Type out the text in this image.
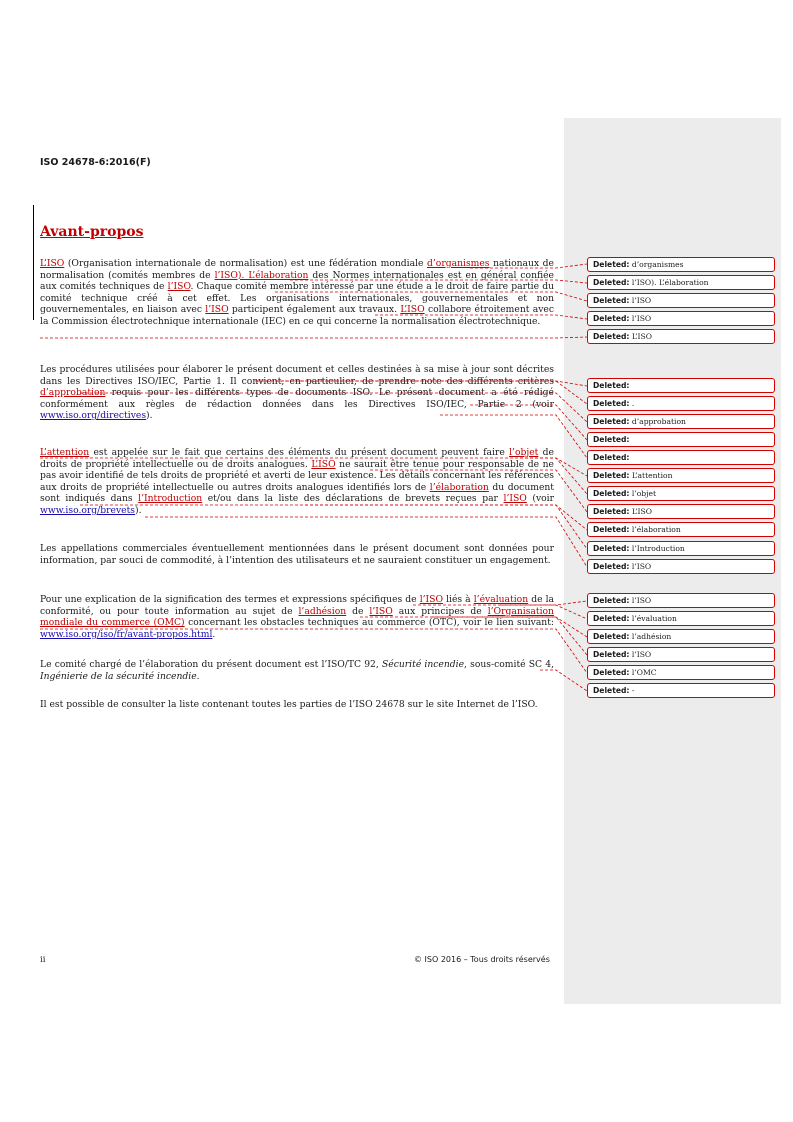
ISO 24678-6:2016(F)
Avant-propos

L’ISO (Organisation internationale de normalisation) est une fédération mondiale d’organismes nationaux de normalisation (comités membres de l’ISO). L’élaboration des Normes internationales est en général confiée aux comités techniques de l’ISO. Chaque comité membre intéressé par une étude a le droit de faire partie du comité technique créé à cet effet. Les organisations internationales, gouvernementales et non gouvernementales, en liaison avec l’ISO participent également aux travaux. L’ISO collabore étroitement avec la Commission électrotechnique internationale (IEC) en ce qui concerne la normalisation électrotechnique.

Les procédures utilisées pour élaborer le présent document et celles destinées à sa mise à jour sont décrites dans les Directives ISO/IEC, Partie 1. Il convient, en particulier, de prendre note des différents critères d’approbation requis pour les différents types de documents ISO. Le présent document a été rédigé conformément aux règles de rédaction données dans les Directives ISO/IEC, Partie 2 (voir www.iso.org/directives).

L’attention est appelée sur le fait que certains des éléments du présent document peuvent faire l’objet de droits de propriété intellectuelle ou de droits analogues. L’ISO ne saurait être tenue pour responsable de ne pas avoir identifié de tels droits de propriété et averti de leur existence. Les détails concernant les références aux droits de propriété intellectuelle ou autres droits analogues identifiés lors de l’élaboration du document sont indiqués dans l’Introduction et/ou dans la liste des déclarations de brevets reçues par l’ISO (voir www.iso.org/brevets).

Les appellations commerciales éventuellement mentionnées dans le présent document sont données pour information, par souci de commodité, à l’intention des utilisateurs et ne sauraient constituer un engagement.

Pour une explication de la signification des termes et expressions spécifiques de l’ISO liés à l’évaluation de la conformité, ou pour toute information au sujet de l’adhésion de l’ISO aux principes de l’Organisation mondiale du commerce (OMC) concernant les obstacles techniques au commerce (OTC), voir le lien suivant: www.iso.org/iso/fr/avant-propos.html.

Le comité chargé de l’élaboration du présent document est l’ISO/TC 92, Sécurité incendie, sous-comité SC 4, Ingénierie de la sécurité incendie.

Il est possible de consulter la liste contenant toutes les parties de l’ISO 24678 sur le site Internet de l’ISO.

Deleted: d’organismes
Deleted: l’ISO). L’élaboration
Deleted: l’ISO
Deleted: l’ISO
Deleted: L’ISO
Deleted:
Deleted: .
Deleted: d’approbation
Deleted:
Deleted:
Deleted: L’attention
Deleted: l’objet
Deleted: L’ISO
Deleted: l’élaboration
Deleted: l’Introduction
Deleted: l’ISO
Deleted: l’ISO
Deleted: l’évaluation
Deleted: l’adhésion
Deleted: l’ISO
Deleted: l’OMC
Deleted: -
ii	© ISO 2016 – Tous droits réservés
